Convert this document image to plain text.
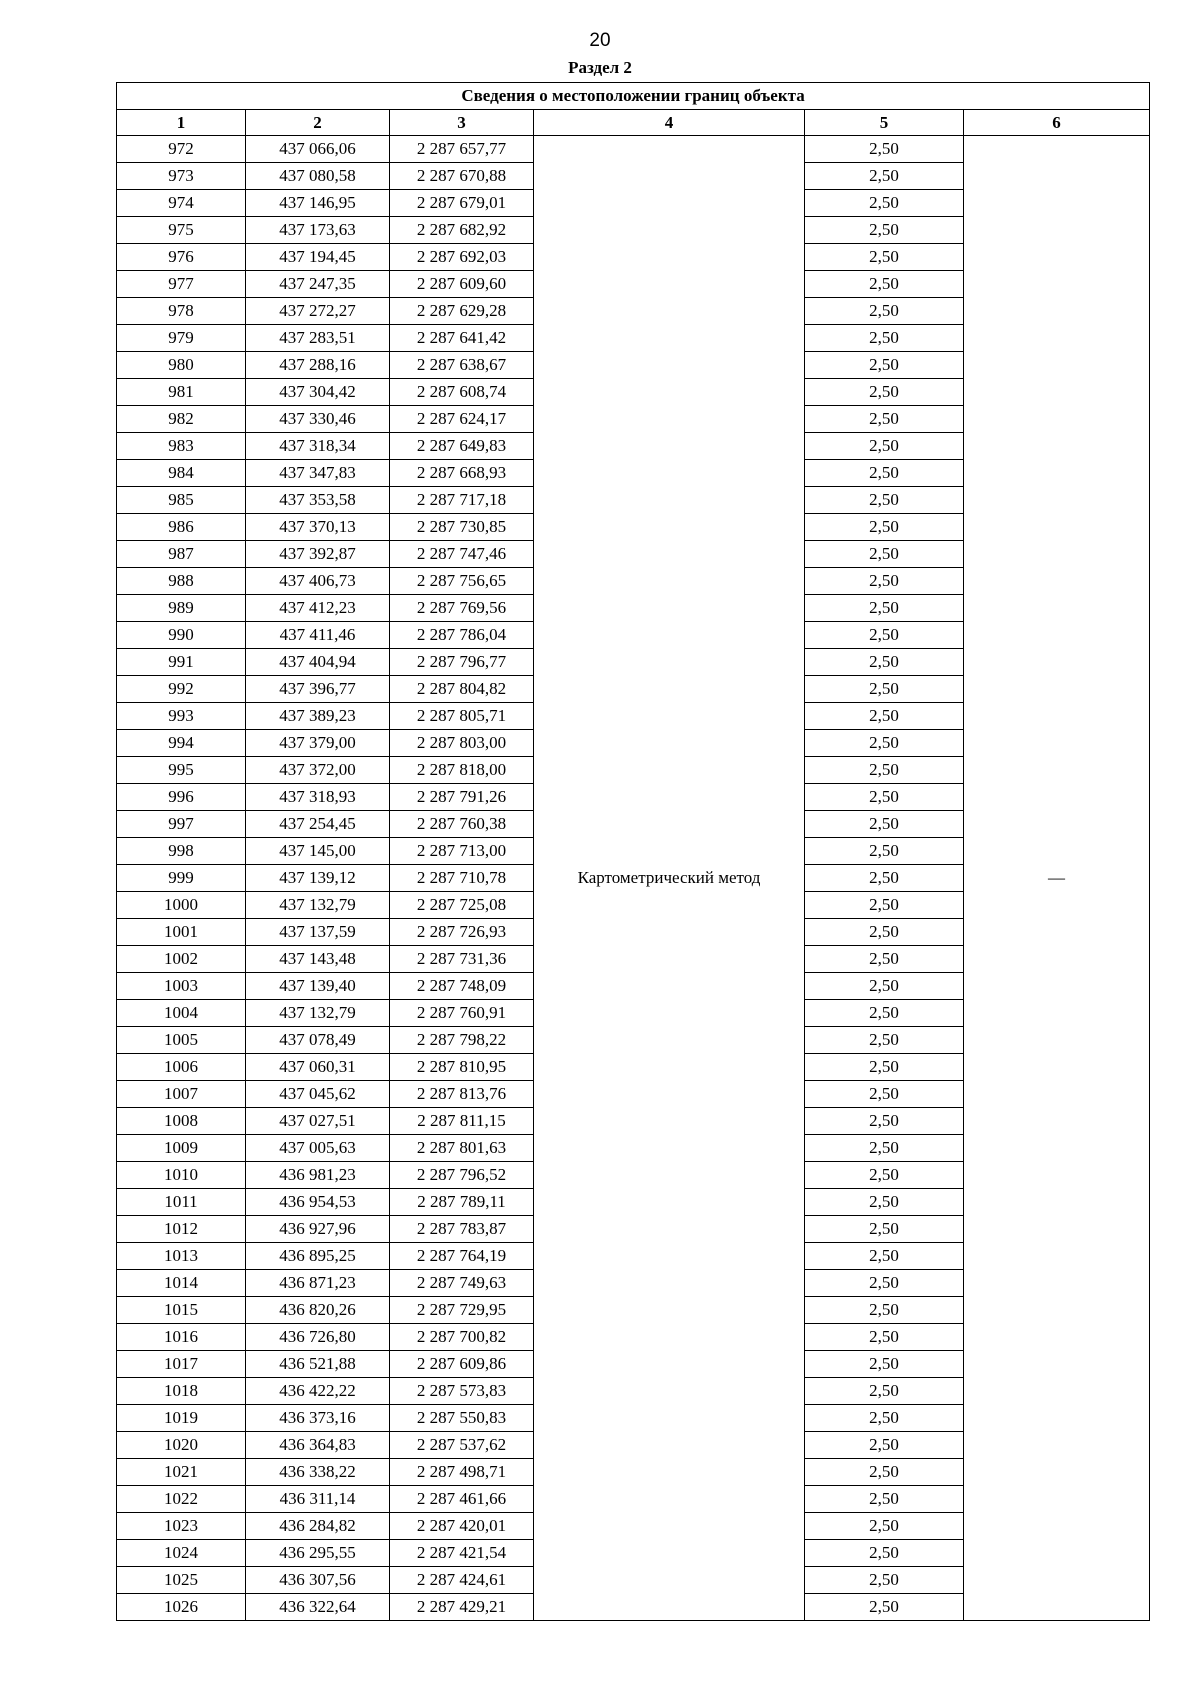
20
Раздел 2
Сведения о местоположении границ объекта					
1	2	3	4	5	6
972	437 066,06	2 287 657,77	Картометрический метод	2,50	—
973	437 080,58	2 287 670,88		2,50	
974	437 146,95	2 287 679,01		2,50	
975	437 173,63	2 287 682,92		2,50	
976	437 194,45	2 287 692,03		2,50	
977	437 247,35	2 287 609,60		2,50	
978	437 272,27	2 287 629,28		2,50	
979	437 283,51	2 287 641,42		2,50	
980	437 288,16	2 287 638,67		2,50	
981	437 304,42	2 287 608,74		2,50	
982	437 330,46	2 287 624,17		2,50	
983	437 318,34	2 287 649,83		2,50	
984	437 347,83	2 287 668,93		2,50	
985	437 353,58	2 287 717,18		2,50	
986	437 370,13	2 287 730,85		2,50	
987	437 392,87	2 287 747,46		2,50	
988	437 406,73	2 287 756,65		2,50	
989	437 412,23	2 287 769,56		2,50	
990	437 411,46	2 287 786,04		2,50	
991	437 404,94	2 287 796,77		2,50	
992	437 396,77	2 287 804,82		2,50	
993	437 389,23	2 287 805,71		2,50	
994	437 379,00	2 287 803,00		2,50	
995	437 372,00	2 287 818,00		2,50	
996	437 318,93	2 287 791,26		2,50	
997	437 254,45	2 287 760,38		2,50	
998	437 145,00	2 287 713,00		2,50	
999	437 139,12	2 287 710,78		2,50	
1000	437 132,79	2 287 725,08		2,50	
1001	437 137,59	2 287 726,93		2,50	
1002	437 143,48	2 287 731,36		2,50	
1003	437 139,40	2 287 748,09		2,50	
1004	437 132,79	2 287 760,91		2,50	
1005	437 078,49	2 287 798,22		2,50	
1006	437 060,31	2 287 810,95		2,50	
1007	437 045,62	2 287 813,76		2,50	
1008	437 027,51	2 287 811,15		2,50	
1009	437 005,63	2 287 801,63		2,50	
1010	436 981,23	2 287 796,52		2,50	
1011	436 954,53	2 287 789,11		2,50	
1012	436 927,96	2 287 783,87		2,50	
1013	436 895,25	2 287 764,19		2,50	
1014	436 871,23	2 287 749,63		2,50	
1015	436 820,26	2 287 729,95		2,50	
1016	436 726,80	2 287 700,82		2,50	
1017	436 521,88	2 287 609,86		2,50	
1018	436 422,22	2 287 573,83		2,50	
1019	436 373,16	2 287 550,83		2,50	
1020	436 364,83	2 287 537,62		2,50	
1021	436 338,22	2 287 498,71		2,50	
1022	436 311,14	2 287 461,66		2,50	
1023	436 284,82	2 287 420,01		2,50	
1024	436 295,55	2 287 421,54		2,50	
1025	436 307,56	2 287 424,61		2,50	
1026	436 322,64	2 287 429,21		2,50	
